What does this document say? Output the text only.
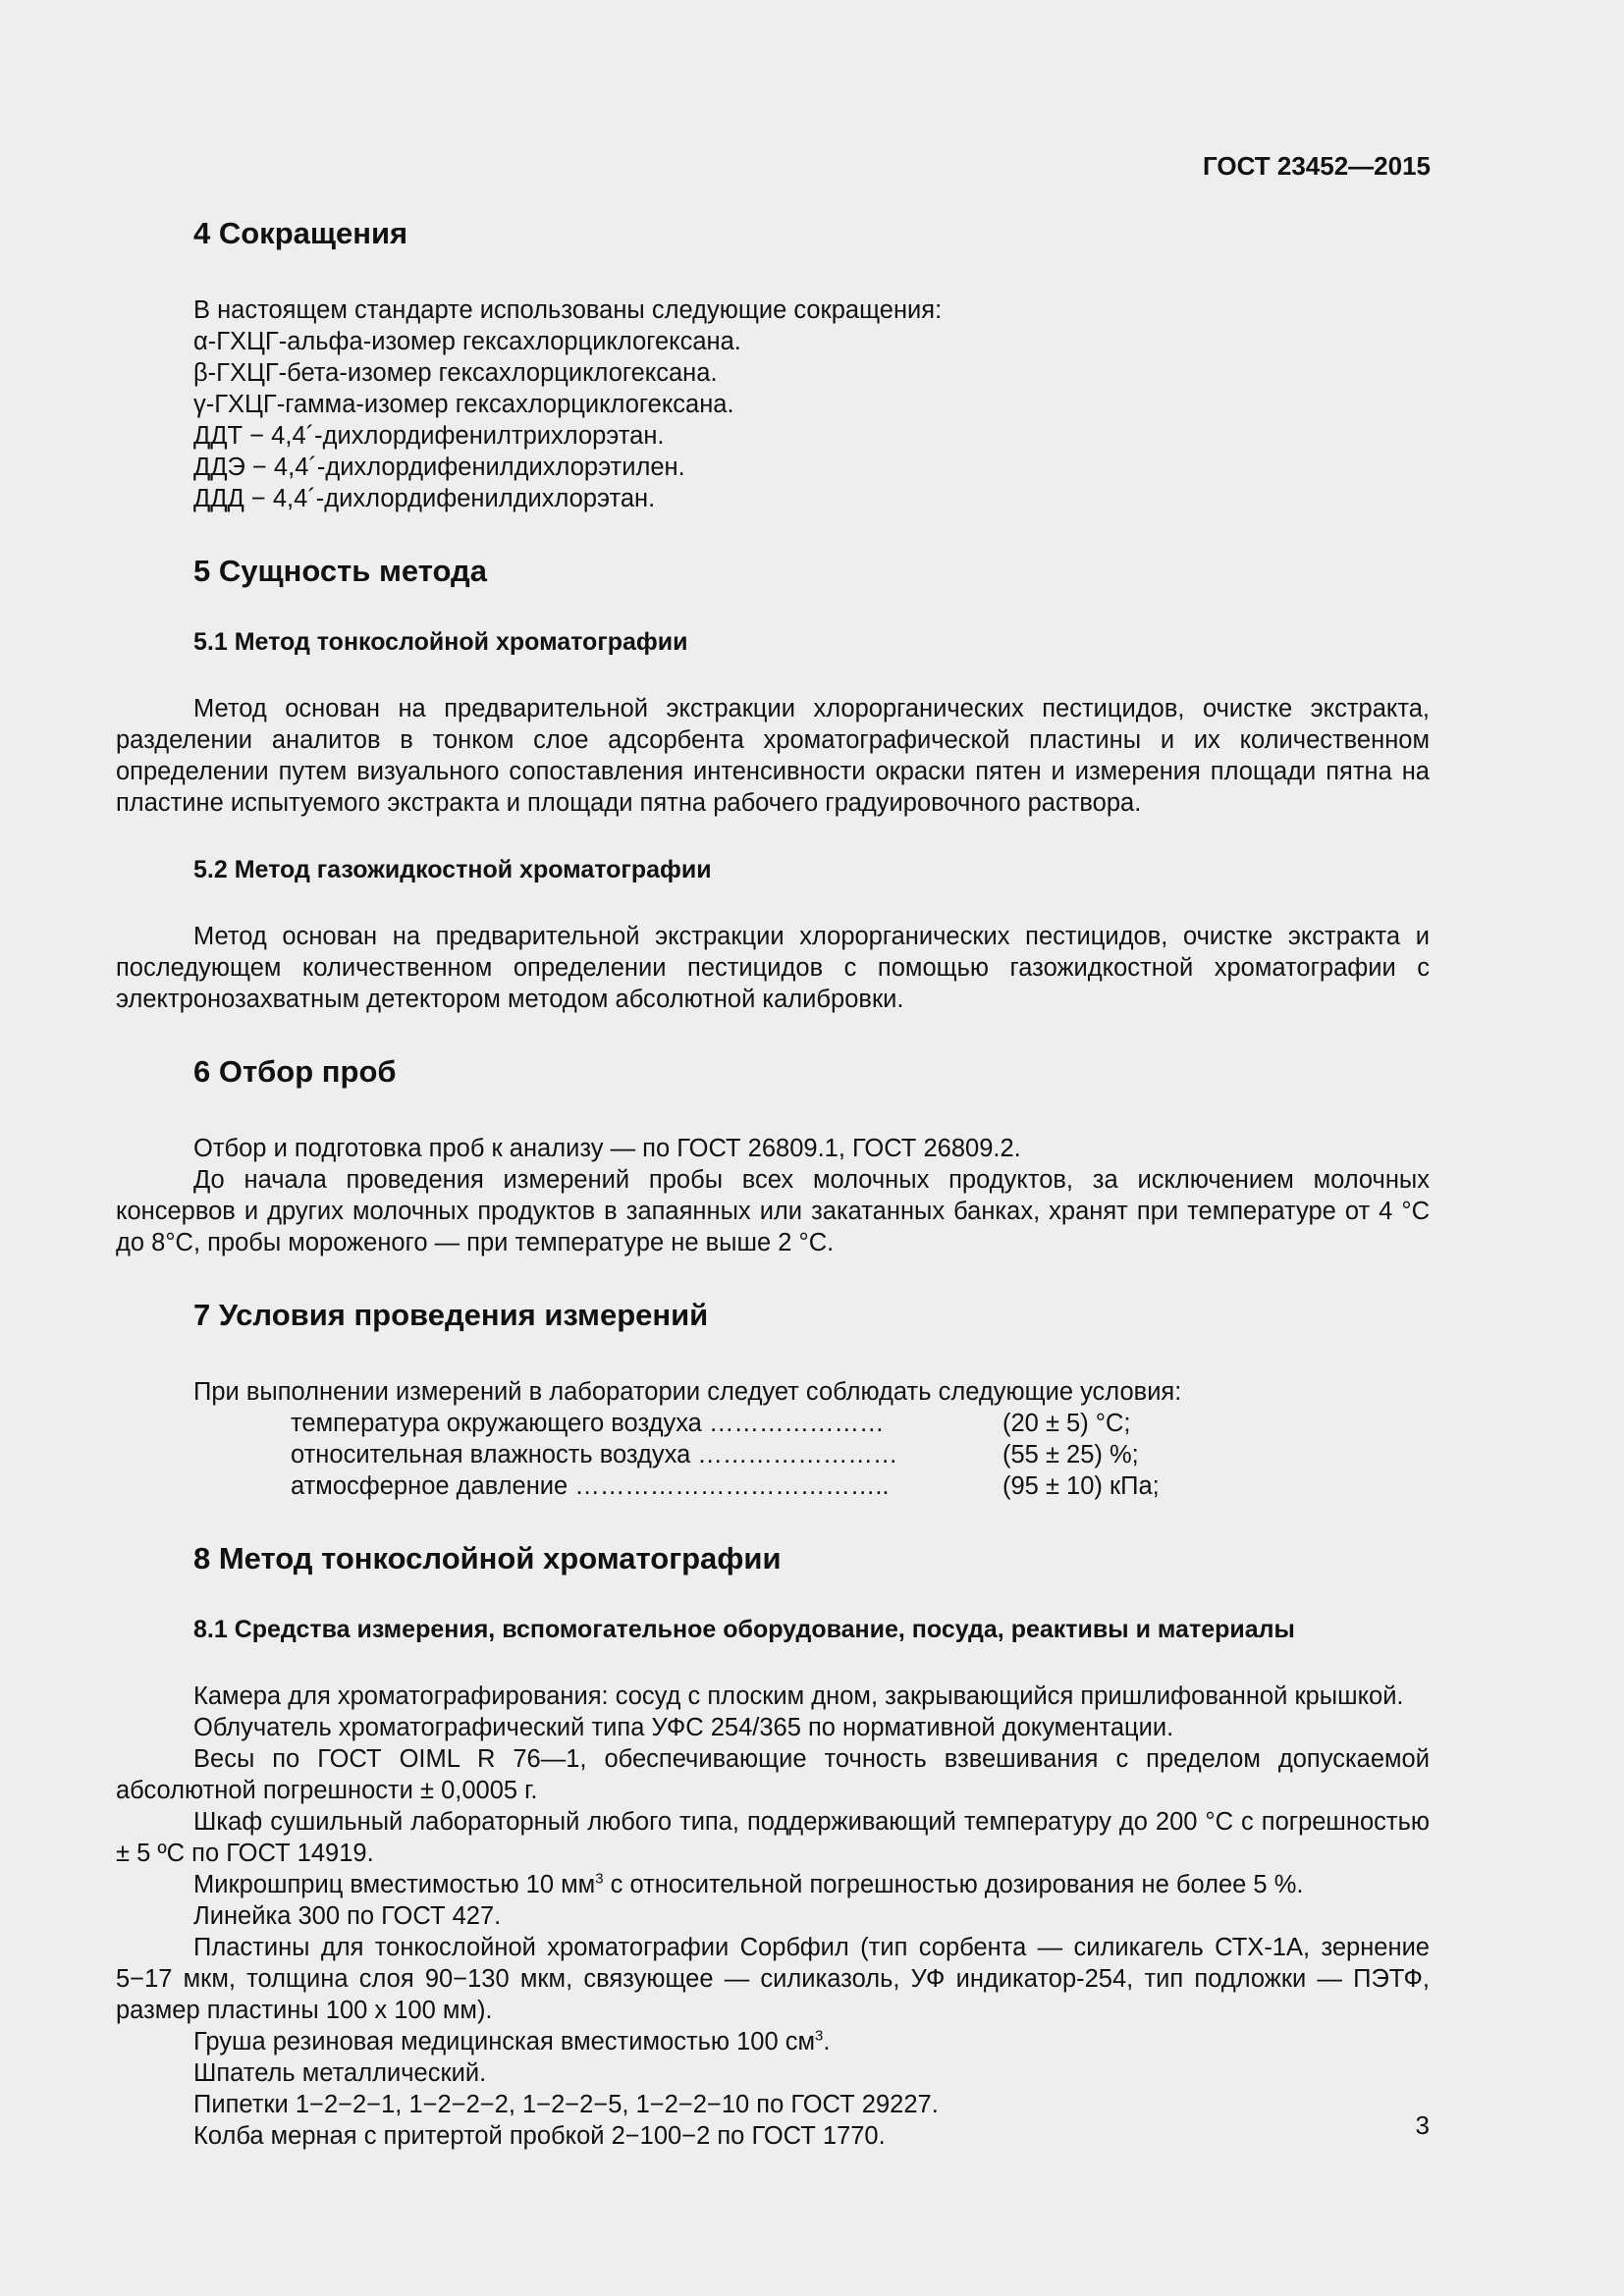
ГОСТ 23452—2015

4 Сокращения

В настоящем стандарте использованы следующие сокращения:

α-ГХЦГ-альфа-изомер гексахлорциклогексана.

β-ГХЦГ-бета-изомер гексахлорциклогексана.

γ-ГХЦГ-гамма-изомер гексахлорциклогексана.

ДДТ − 4,4´-дихлордифенилтрихлорэтан.

ДДЭ − 4,4´-дихлордифенилдихлорэтилен.

ДДД − 4,4´-дихлордифенилдихлорэтан.

5 Сущность метода
5.1 Метод тонкослойной хроматографии

Метод основан на предварительной экстракции хлорорганических пестицидов, очистке экстракта, разделении аналитов в тонком слое адсорбента хроматографической пластины и их количественном определении путем визуального сопоставления интенсивности окраски пятен и измерения площади пятна на пластине испытуемого экстракта и площади пятна рабочего градуировочного раствора.

5.2 Метод газожидкостной хроматографии

Метод основан на предварительной экстракции хлорорганических пестицидов, очистке экстракта и последующем количественном определении пестицидов с помощью газожидкостной хроматографии с электронозахватным детектором методом абсолютной калибровки.

6 Отбор проб

Отбор и подготовка проб к анализу — по ГОСТ 26809.1, ГОСТ 26809.2.

До начала проведения измерений пробы всех молочных продуктов, за исключением молочных консервов и других молочных продуктов в запаянных или закатанных банках, хранят при температуре от 4 °С до 8°С, пробы мороженого — при температуре не выше 2 °С.

7 Условия проведения измерений

При выполнении измерений в лаборатории следует соблюдать следующие условия:

температура окружающего воздуха …………………	(20 ± 5) °С;
относительная влажность воздуха ……………………	(55 ± 25) %;
атмосферное давление ………………………………..	(95 ± 10) кПа;
8 Метод тонкослойной хроматографии
8.1 Средства измерения, вспомогательное оборудование, посуда, реактивы и материалы

Камера для хроматографирования: сосуд с плоским дном, закрывающийся пришлифованной крышкой.

Облучатель хроматографический типа УФС 254/365 по нормативной документации.

Весы по ГОСТ OIML R 76—1, обеспечивающие точность взвешивания с пределом допускаемой абсолютной погрешности ± 0,0005 г.

Шкаф сушильный лабораторный любого типа, поддерживающий температуру до 200 °С с погрешностью ± 5 ºС по ГОСТ 14919.

Микрошприц вместимостью 10 $мм^3$ с относительной погрешностью дозирования не более 5 %.

Линейка 300 по ГОСТ 427.

Пластины для тонкослойной хроматографии Сорбфил (тип сорбента — силикагель СТХ-1А, зернение 5−17 мкм, толщина слоя 90−130 мкм, связующее — силиказоль, УФ индикатор-254, тип подложки — ПЭТФ, размер пластины 100 х 100 мм).

Груша резиновая медицинская вместимостью 100 $см^3$.

Шпатель металлический.

Пипетки 1−2−2−1, 1−2−2−2, 1−2−2−5, 1−2−2−10 по ГОСТ 29227.

Колба мерная с притертой пробкой 2−100−2 по ГОСТ 1770.	3
